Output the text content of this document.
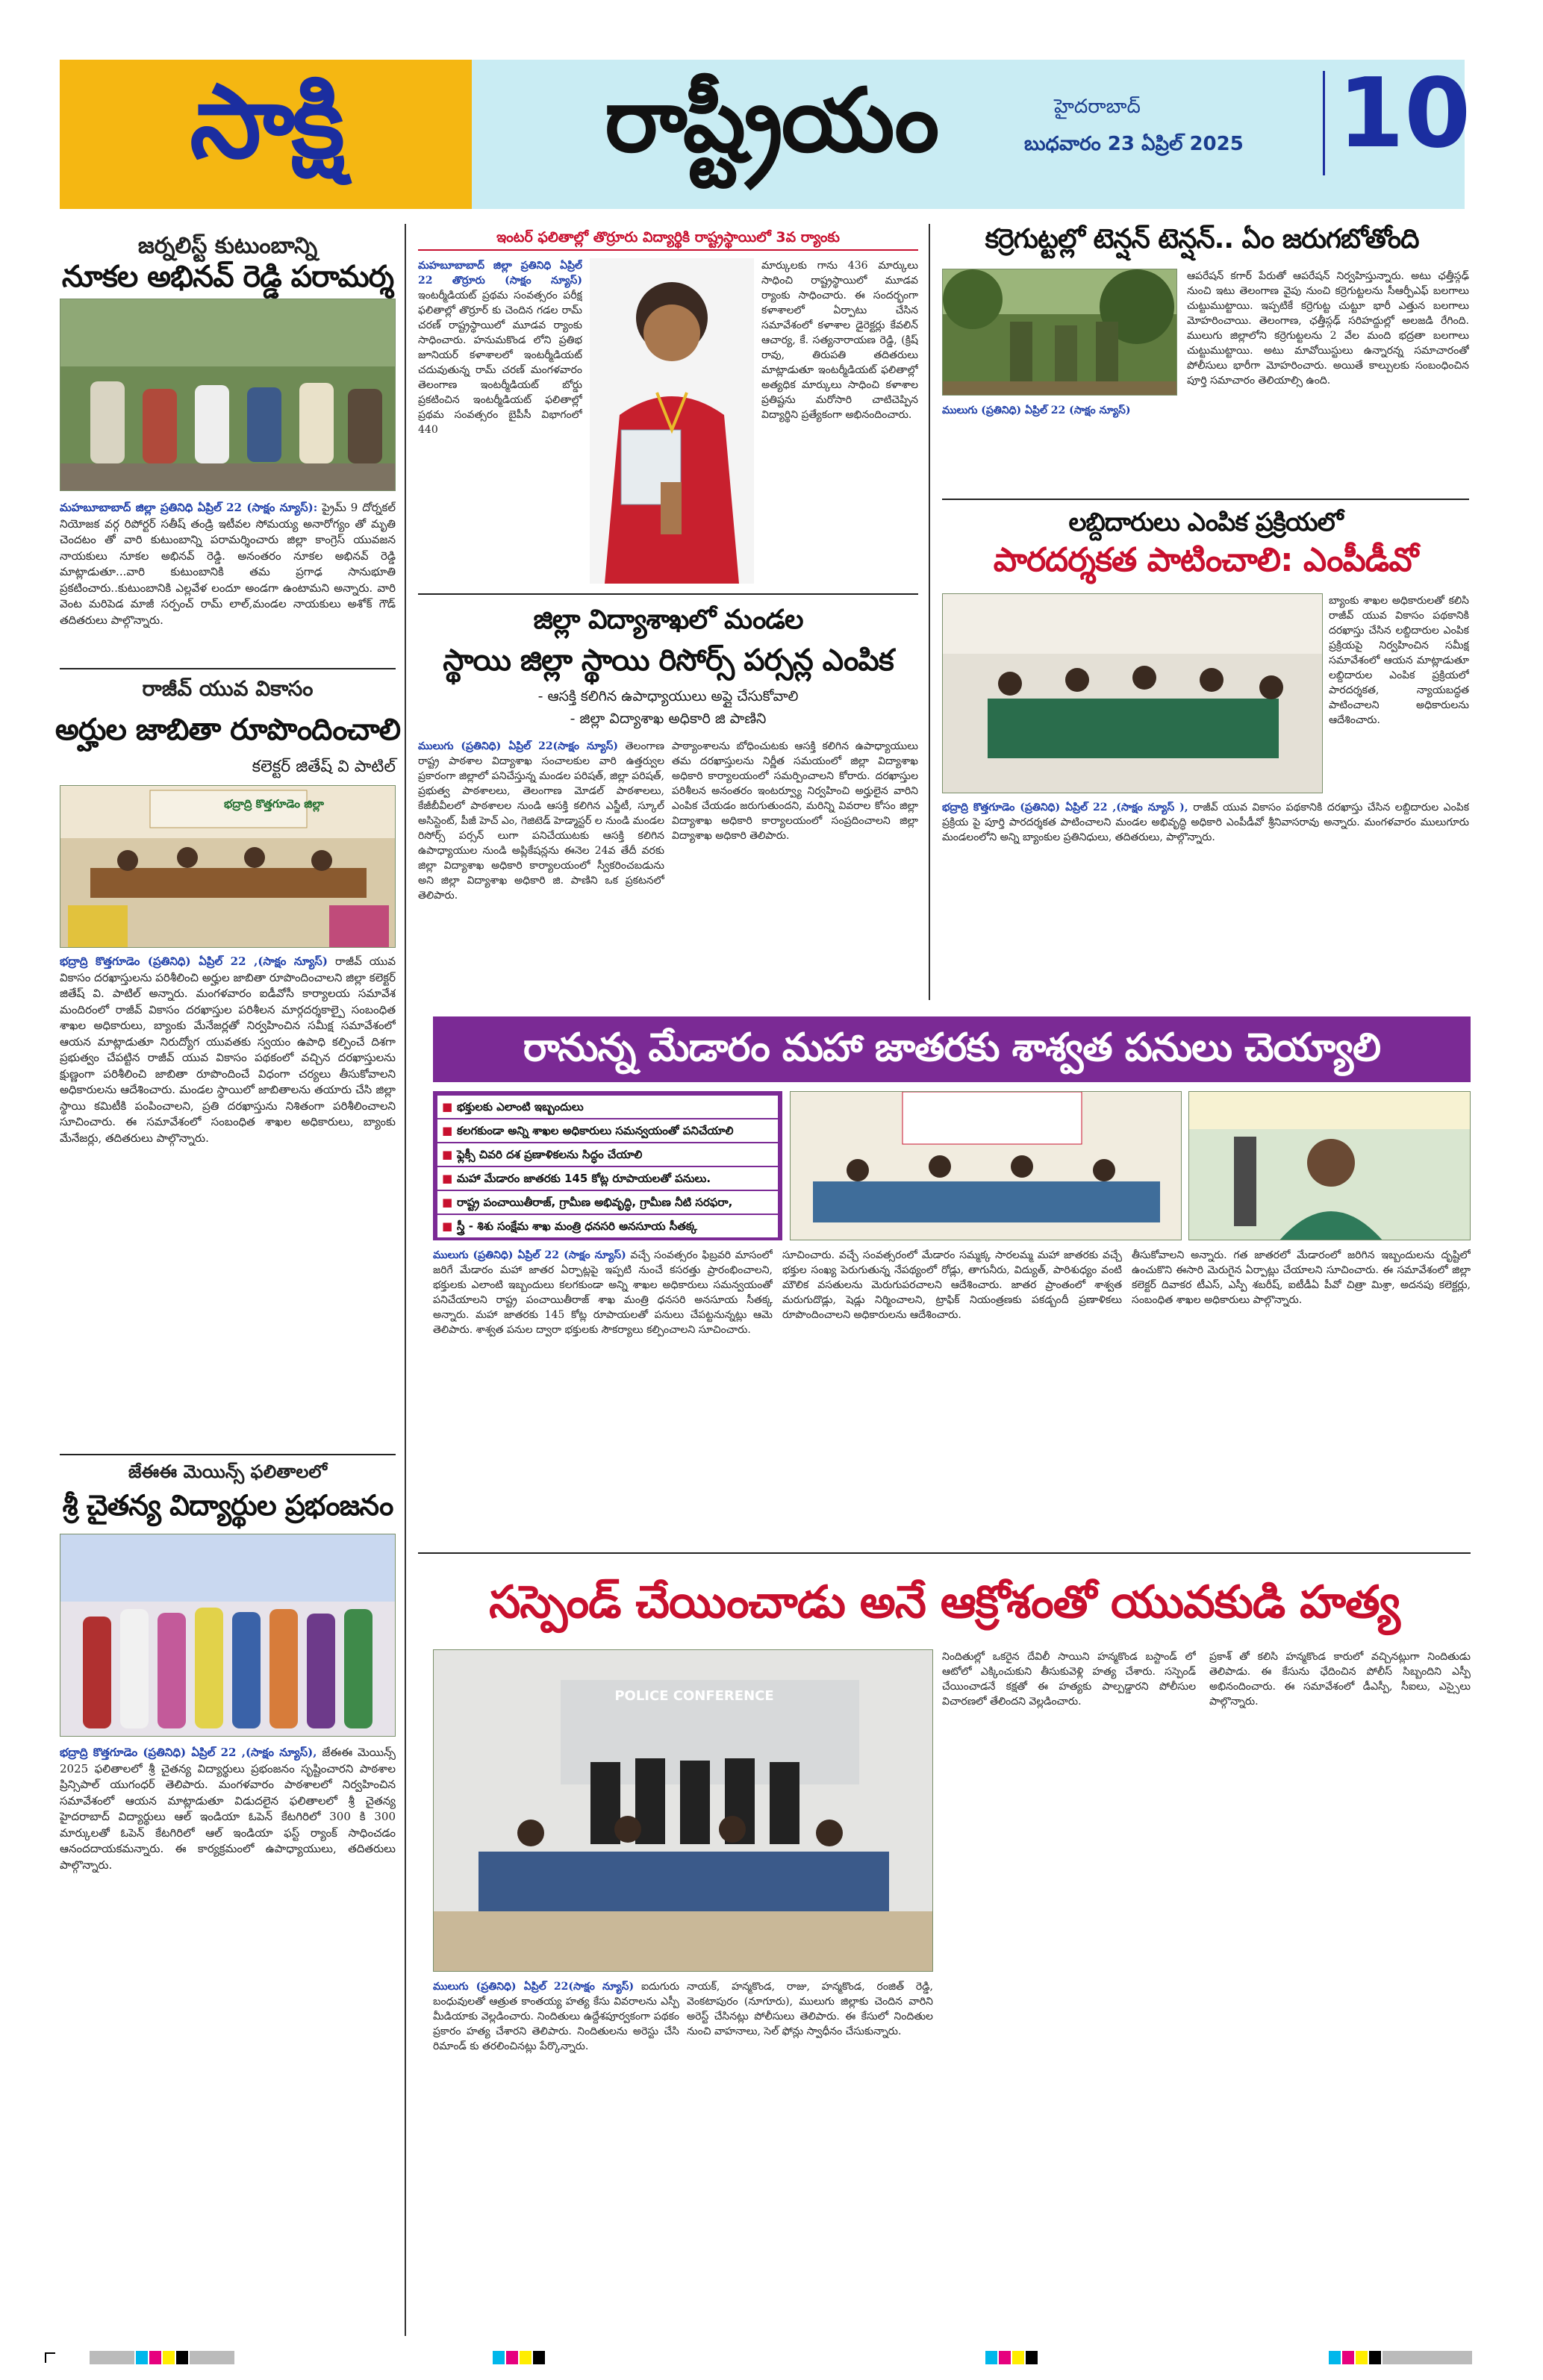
సాక్షి	రాష్ట్రీయం	హైదరాబాద్
బుధవారం 23 ఏప్రిల్ 2025 10
జర్నలిస్ట్ కుటుంబాన్ని
నూకల అభినవ్ రెడ్డి పరామర్శ
మహబూబాబాద్ జిల్లా ప్రతినిధి ఏప్రిల్ 22 (సాక్షం న్యూస్): ప్రైమ్ 9 దోర్నకల్ నియోజక వర్గ రిపోర్టర్ సతీష్ తండ్రి ఇటీవల సోమయ్య అనారోగ్యం తో మృతి చెందటం తో వారి కుటుంబాన్ని పరామర్శించారు జిల్లా కాంగ్రెస్ యువజన నాయకులు నూకల అభినవ్ రెడ్డి. అనంతరం నూకల అభినవ్ రెడ్డి మాట్లాడుతూ...వారి కుటుంబానికి తమ ప్రగాఢ సానుభూతి ప్రకటించారు..కుటుంబానికి ఎల్లవేళ లందూ అండగా ఉంటామని అన్నారు. వారి వెంట మరిపెడ మాజీ సర్పంచ్ రామ్ లాల్,మండల నాయకులు అశోక్ గౌడ్ తదితరులు పాల్గొన్నారు.
రాజీవ్ యువ వికాసం
అర్హుల జాబితా రూపొందించాలి
కలెక్టర్ జితేష్ వి పాటిల్
భద్రాద్రి కొత్తగూడెం జిల్లా
భద్రాద్రి కొత్తగూడెం (ప్రతినిధి) ఏప్రిల్ 22 ,(సాక్షం న్యూస్) రాజీవ్ యువ వికాసం దరఖాస్తులను పరిశీలించి అర్హుల జాబితా రూపొందించాలని జిల్లా కలెక్టర్ జితేష్ వి. పాటిల్ అన్నారు. మంగళవారం ఐడీవోసీ కార్యాలయ సమావేశ మందిరంలో రాజీవ్ వికాసం దరఖాస్తుల పరిశీలన మార్గదర్శకాల్పై సంబంధిత శాఖల అధికారులు, బ్యాంకు మేనేజర్లతో నిర్వహించిన సమీక్ష సమావేశంలో ఆయన మాట్లాడుతూ నిరుద్యోగ యువతకు స్వయం ఉపాధి కల్పించే దిశగా ప్రభుత్వం చేపట్టిన రాజీవ్ యువ వికాసం పథకంలో వచ్చిన దరఖాస్తులను క్షుణ్ణంగా పరిశీలించి జాబితా రూపొందించే విధంగా చర్యలు తీసుకోవాలని అధికారులను ఆదేశించారు. మండల స్థాయిలో జాబితాలను తయారు చేసి జిల్లా స్థాయి కమిటీకి పంపించాలని, ప్రతి దరఖాస్తును నిశితంగా పరిశీలించాలని సూచించారు. ఈ సమావేశంలో సంబంధిత శాఖల అధికారులు, బ్యాంకు మేనేజర్లు, తదితరులు పాల్గొన్నారు.
జేఈఈ మెయిన్స్ ఫలితాలలో
శ్రీ చైతన్య విద్యార్థుల ప్రభంజనం
భద్రాద్రి కొత్తగూడెం (ప్రతినిధి) ఏప్రిల్ 22 ,(సాక్షం న్యూస్), జేఈఈ మెయిన్స్ 2025 ఫలితాలలో శ్రీ చైతన్య విద్యార్థులు ప్రభంజనం సృష్టించారని పాఠశాల ప్రిన్సిపాల్ యుగంధర్ తెలిపారు. మంగళవారం పాఠశాలలో నిర్వహించిన సమావేశంలో ఆయన మాట్లాడుతూ విడుదలైన ఫలితాలలో శ్రీ చైతన్య హైదరాబాద్ విద్యార్థులు ఆల్ ఇండియా ఓపెన్ కేటగిరిలో 300 కి 300 మార్కులతో ఓపెన్ కేటగిరిలో ఆల్ ఇండియా ఫస్ట్ ర్యాంక్ సాధించడం ఆనందదాయకమన్నారు. ఈ కార్యక్రమంలో ఉపాధ్యాయులు, తదితరులు పాల్గొన్నారు.
ఇంటర్ ఫలితాల్లో తొర్రూరు విద్యార్థికి రాష్ట్రస్థాయిలో 3వ ర్యాంకు
మహబూబాబాద్ జిల్లా ప్రతినిధి ఏప్రిల్ 22 తొర్రూరు (సాక్షం న్యూస్) ఇంటర్మీడియట్ ప్రథమ సంవత్సరం పరీక్ష ఫలితాల్లో తొర్రూర్ కు చెందిన గడల రామ్ చరణ్ రాష్ట్రస్థాయిలో మూడవ ర్యాంకు సాధించారు. హనుమకొండ లోని ప్రతిభ జూనియర్ కళాశాలలో ఇంటర్మీడియట్ చదువుతున్న రామ్ చరణ్ మంగళవారం తెలంగాణ ఇంటర్మీడియట్ బోర్డు ప్రకటించిన ఇంటర్మీడియట్ ఫలితాల్లో ప్రథమ సంవత్సరం బైపీసీ విభాగంలో 440
మార్కులకు గాను 436 మార్కులు సాధించి రాష్ట్రస్థాయిలో మూడవ ర్యాంకు సాధించారు. ఈ సందర్భంగా కళాశాలలో ఏర్పాటు చేసిన సమావేశంలో కళాశాల డైరెక్టర్లు కేవలిన్ ఆచార్య, కే. సత్యనారాయణ రెడ్డి, (క్రిష్ రావు, తిరుపతి తదితరులు మాట్లాడుతూ ఇంటర్మీడియట్ ఫలితాల్లో అత్యధిక మార్కులు సాధించి కళాశాల ప్రతిష్టను మరోసారి చాటిచెప్పిన విద్యార్థిని ప్రత్యేకంగా అభినందించారు.
జిల్లా విద్యాశాఖలో మండల
స్థాయి జిల్లా స్థాయి రిసోర్స్ పర్సన్ల ఎంపిక
- ఆసక్తి కలిగిన ఉపాధ్యాయులు అప్లై చేసుకోవాలి
- జిల్లా విద్యాశాఖ అధికారి జి పాణిని
ములుగు (ప్రతినిధి) ఏప్రిల్ 22(సాక్షం న్యూస్) తెలంగాణ రాష్ట్ర పాఠశాల విద్యాశాఖ సంచాలకుల వారి ఉత్తర్వుల ప్రకారంగా జిల్లాలో పనిచేస్తున్న మండల పరిషత్, జిల్లా పరిషత్, ప్రభుత్వ పాఠశాలలు, తెలంగాణ మోడల్ పాఠశాలలు, కేజీబీవీలలో పాఠశాలల నుండి ఆసక్తి కలిగిన ఎస్జీటీ, స్కూల్ అసిస్టెంట్, పీజీ హెచ్ ఎం, గెజిటెడ్ హెడ్మాస్టర్ ల నుండి మండల రిసోర్స్ పర్సన్ లుగా పనిచేయుటకు ఆసక్తి కలిగిన ఉపాధ్యాయుల నుండి అప్లికేషన్లను ఈనెల 24వ తేదీ వరకు జిల్లా విద్యాశాఖ అధికారి కార్యాలయంలో స్వీకరించబడును అని జిల్లా విద్యాశాఖ అధికారి జి. పాణిని ఒక ప్రకటనలో తెలిపారు.
పాఠ్యాంశాలను బోధించుటకు ఆసక్తి కలిగిన ఉపాధ్యాయులు తమ దరఖాస్తులను నిర్ణీత సమయంలో జిల్లా విద్యాశాఖ అధికారి కార్యాలయంలో సమర్పించాలని కోరారు. దరఖాస్తుల పరిశీలన అనంతరం ఇంటర్వ్యూ నిర్వహించి అర్హులైన వారిని ఎంపిక చేయడం జరుగుతుందని, మరిన్ని వివరాల కోసం జిల్లా విద్యాశాఖ అధికారి కార్యాలయంలో సంప్రదించాలని జిల్లా విద్యాశాఖ అధికారి తెలిపారు.
కర్రెగుట్టల్లో టెన్షన్ టెన్షన్.. ఏం జరుగబోతోంది
ములుగు (ప్రతినిధి) ఏప్రిల్ 22 (సాక్షం న్యూస్)
ఆపరేషన్ కగార్ పేరుతో ఆపరేషన్ నిర్వహిస్తున్నారు. అటు ఛత్తీస్గఢ్ నుంచి ఇటు తెలంగాణ వైపు నుంచి కర్రెగుట్టలను సీఆర్పీఎఫ్ బలగాలు చుట్టుముట్టాయి. ఇప్పటికే కర్రెగుట్ట చుట్టూ భారీ ఎత్తున బలగాలు మోహరించాయి. తెలంగాణ, ఛత్తీస్గఢ్ సరిహద్దుల్లో అలజడి రేగింది. ములుగు జిల్లాలోని కర్రెగుట్టలను 2 వేల మంది భద్రతా బలగాలు చుట్టుముట్టాయి. అటు మావోయిస్టులు ఉన్నారన్న సమాచారంతో పోలీసులు భారీగా మోహరించారు. అయితే కాల్పులకు సంబంధించిన పూర్తి సమాచారం తెలియాల్సి ఉంది.
లబ్దిదారులు ఎంపిక ప్రక్రియలో
పారదర్శకత పాటించాలి: ఎంపీడీవో
బ్యాంకు శాఖల అధికారులతో కలిసి రాజీవ్ యువ వికాసం పథకానికి దరఖాస్తు చేసిన లబ్దిదారుల ఎంపిక ప్రక్రియపై నిర్వహించిన సమీక్ష సమావేశంలో ఆయన మాట్లాడుతూ లబ్దిదారుల ఎంపిక ప్రక్రియలో పారదర్శకత, న్యాయబద్ధత పాటించాలని అధికారులను ఆదేశించారు.
భద్రాద్రి కొత్తగూడెం (ప్రతినిధి) ఏప్రిల్ 22 ,(సాక్షం న్యూస్ ), రాజీవ్ యువ వికాసం పథకానికి దరఖాస్తు చేసిన లబ్దిదారుల ఎంపిక ప్రక్రియ పై పూర్తి పారదర్శకత పాటించాలని మండల అభివృద్ధి అధికారి ఎంపీడీవో శ్రీనివాసరావు అన్నారు. మంగళవారం ములుగూరు మండలంలోని అన్ని బ్యాంకుల ప్రతినిధులు, తదితరులు, పాల్గొన్నారు.
రానున్న మేడారం మహా జాతరకు శాశ్వత పనులు చెయ్యాలి
■ భక్తులకు ఎలాంటి ఇబ్బందులు
■ కలగకుండా అన్ని శాఖల అధికారులు సమన్వయంతో పనిచేయాలి
■ ఫ్లెక్సీ చివరి దశ ప్రణాళికలను సిద్ధం చేయాలి
■ మహా మేడారం జాతరకు 145 కోట్ల రూపాయలతో పనులు.
■ రాష్ట్ర పంచాయితీరాజ్, గ్రామీణ అభివృద్ధి, గ్రామీణ నీటి సరఫరా,
■ స్త్రీ - శిశు సంక్షేమ శాఖ మంత్రి ధనసరి అనసూయ సీతక్క
ములుగు (ప్రతినిధి) ఏప్రిల్ 22 (సాక్షం న్యూస్) వచ్చే సంవత్సరం ఫిబ్రవరి మాసంలో జరిగే మేడారం మహా జాతర ఏర్పాట్లపై ఇప్పటి నుంచే కసరత్తు ప్రారంభించాలని, భక్తులకు ఎలాంటి ఇబ్బందులు కలగకుండా అన్ని శాఖల అధికారులు సమన్వయంతో పనిచేయాలని రాష్ట్ర పంచాయితీరాజ్ శాఖ మంత్రి ధనసరి అనసూయ సీతక్క అన్నారు. మహా జాతరకు 145 కోట్ల రూపాయలతో పనులు చేపట్టనున్నట్లు ఆమె తెలిపారు. శాశ్వత పనుల ద్వారా భక్తులకు సౌకర్యాలు కల్పించాలని సూచించారు.
సూచించారు. వచ్చే సంవత్సరంలో మేడారం సమ్మక్క సారలమ్మ మహా జాతరకు వచ్చే భక్తుల సంఖ్య పెరుగుతున్న నేపథ్యంలో రోడ్లు, తాగునీరు, విద్యుత్, పారిశుధ్యం వంటి మౌలిక వసతులను మెరుగుపరచాలని ఆదేశించారు. జాతర ప్రాంతంలో శాశ్వత మరుగుదొడ్లు, షెడ్లు నిర్మించాలని, ట్రాఫిక్ నియంత్రణకు పకడ్బందీ ప్రణాళికలు రూపొందించాలని అధికారులను ఆదేశించారు.
తీసుకోవాలని అన్నారు. గత జాతరలో మేడారంలో జరిగిన ఇబ్బందులను దృష్టిలో ఉంచుకొని ఈసారి మెరుగైన ఏర్పాట్లు చేయాలని సూచించారు. ఈ సమావేశంలో జిల్లా కలెక్టర్ దివాకర టీఎస్, ఎస్పీ శబరీష్, ఐటీడీఏ పీవో చిత్రా మిశ్రా, అదనపు కలెక్టర్లు, సంబంధిత శాఖల అధికారులు పాల్గొన్నారు.
సస్పెండ్ చేయించాడు అనే ఆక్రోశంతో యువకుడి హత్య
POLICE CONFERENCE
ములుగు (ప్రతినిధి) ఏప్రిల్ 22(సాక్షం న్యూస్) ఐదుగురు బంధువులతో ఆత్రుత కాంతయ్య హత్య కేసు వివరాలను ఎస్పీ మీడియాకు వెల్లడించారు. నిందితులు ఉద్దేశపూర్వకంగా పథకం ప్రకారం హత్య చేశారని తెలిపారు. నిందితులను అరెస్టు చేసి రిమాండ్ కు తరలించినట్లు పేర్కొన్నారు.
నాయక్, హన్మకొండ, రాజు, హన్మకొండ, రంజిత్ రెడ్డి, వెంకటాపురం (నూగూరు), ములుగు జిల్లాకు చెందిన వారిని అరెస్ట్ చేసినట్లు పోలీసులు తెలిపారు. ఈ కేసులో నిందితుల నుంచి వాహనాలు, సెల్ ఫోన్లు స్వాధీనం చేసుకున్నారు.
నిందితుల్లో ఒకరైన దేవిలీ సాయిని హన్మకొండ బస్టాండ్ లో ఆటోలో ఎక్కించుకుని తీసుకువెళ్లి హత్య చేశారు. సస్పెండ్ చేయించాడనే కక్షతో ఈ హత్యకు పాల్పడ్డారని పోలీసుల విచారణలో తేలిందని వెల్లడించారు.
ప్రకాశ్ తో కలిసి హన్మకొండ కారులో వచ్చినట్లుగా నిందితుడు తెలిపాడు. ఈ కేసును ఛేదించిన పోలీస్ సిబ్బందిని ఎస్పీ అభినందించారు. ఈ సమావేశంలో డీఎస్పీ, సీఐలు, ఎస్సైలు పాల్గొన్నారు.
